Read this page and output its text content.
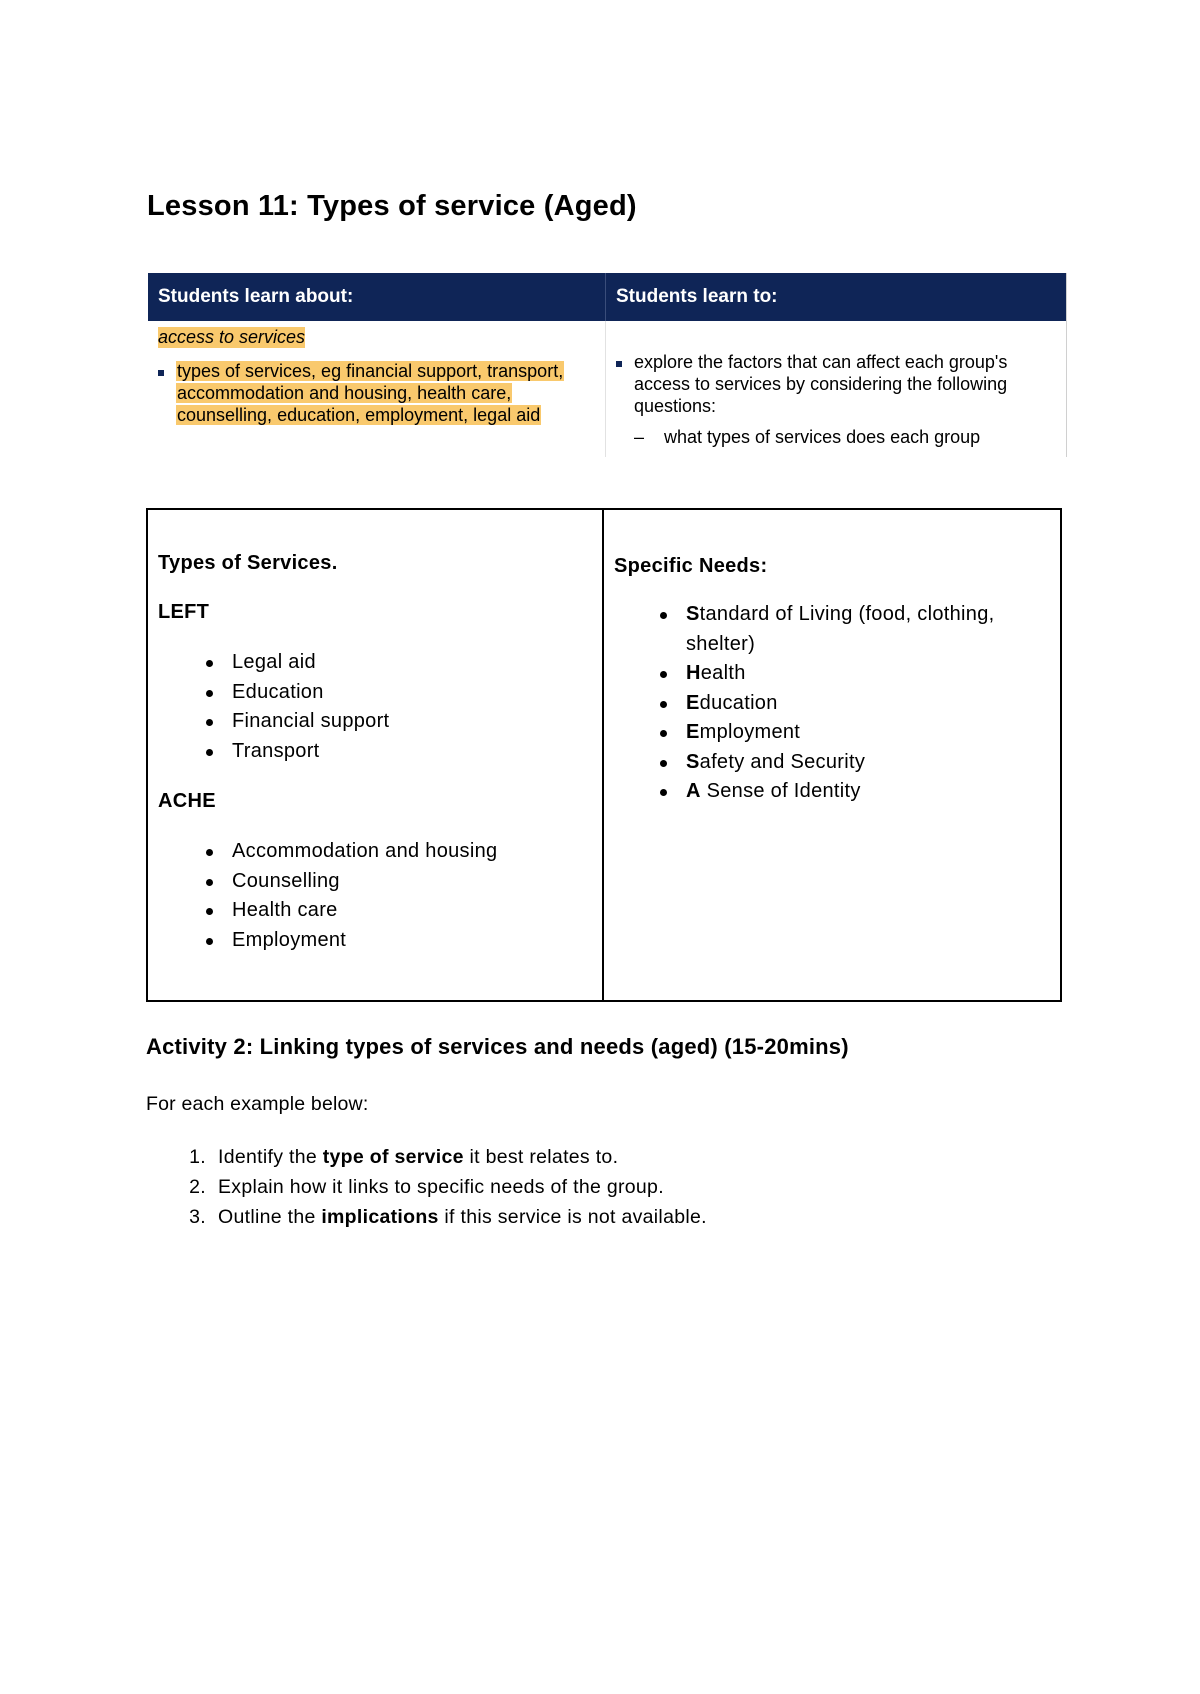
Lesson 11: Types of service (Aged)
Students learn about:	Students learn to:
access to services
types of services, eg financial support, transport, accommodation and housing, health care, counselling, education, employment, legal aid
explore the factors that can affect each group's access to services by considering the following questions:
–	what types of services does each group
Types of Services.
LEFT
Legal aid
Education
Financial support
Transport
ACHE
Accommodation and housing
Counselling
Health care
Employment
Specific Needs:
Standard of Living (food, clothing, shelter)
Health
Education
Employment
Safety and Security
A Sense of Identity
Activity 2: Linking types of services and needs (aged) (15-20mins)
For each example below:
1. Identify the type of service it best relates to.
2. Explain how it links to specific needs of the group.
3. Outline the implications if this service is not available.
